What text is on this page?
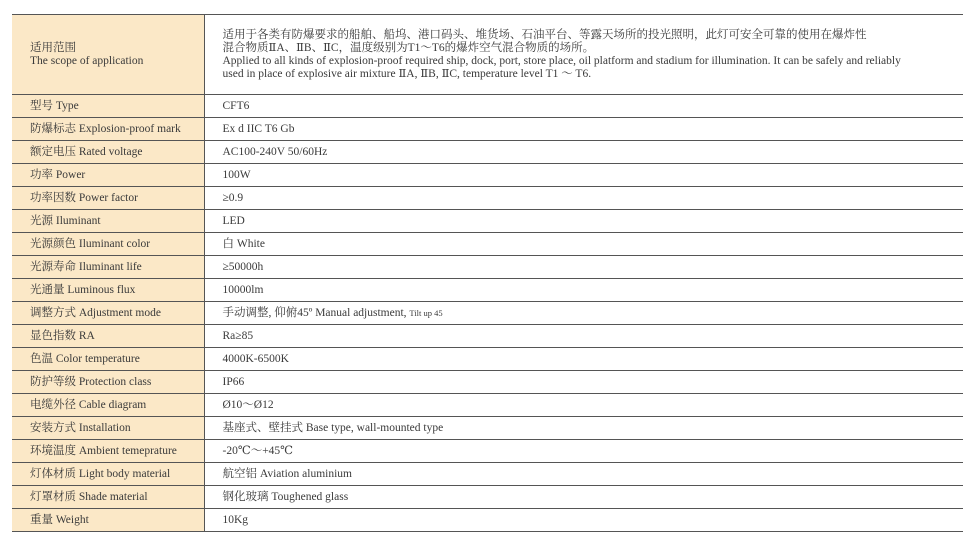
适用范围
The scope of application	适用于各类有防爆要求的船舶、船坞、港口码头、堆货场、石油平台、等露天场所的投光照明，此灯可安全可靠的使用在爆炸性
混合物质ⅡA、ⅡB、ⅡC，温度级别为T1～T6的爆炸空气混合物质的场所。
Applied to all kinds of explosion-proof required ship, dock, port, store place, oil platform and stadium for illumination. It can be safely and reliably
used in place of explosive air mixture ⅡA, ⅡB, ⅡC, temperature level T1 ～ T6.

型号 Type	CFT6
防爆标志 Explosion-proof mark	Ex d IIC T6 Gb
额定电压 Rated voltage	AC100-240V 50/60Hz
功率 Power	100W
功率因数 Power factor	≥0.9
光源 Iluminant	LED
光源颜色 Iluminant color	白 White
光源寿命 Iluminant life	≥50000h
光通量 Luminous flux	10000lm
调整方式 Adjustment mode	手动调整, 仰俯45º Manual adjustment, Tilt up 45
显色指数 RA	Ra≥85
色温 Color temperature	4000K-6500K
防护等级 Protection class	IP66
电缆外径 Cable diagram	Ø10～Ø12
安装方式 Installation	基座式、壁挂式 Base type, wall-mounted type
环境温度 Ambient temeprature	-20℃～+45℃
灯体材质 Light body material	航空铝 Aviation aluminium
灯罩材质 Shade material	钢化玻璃 Toughened glass
重量 Weight	10Kg
